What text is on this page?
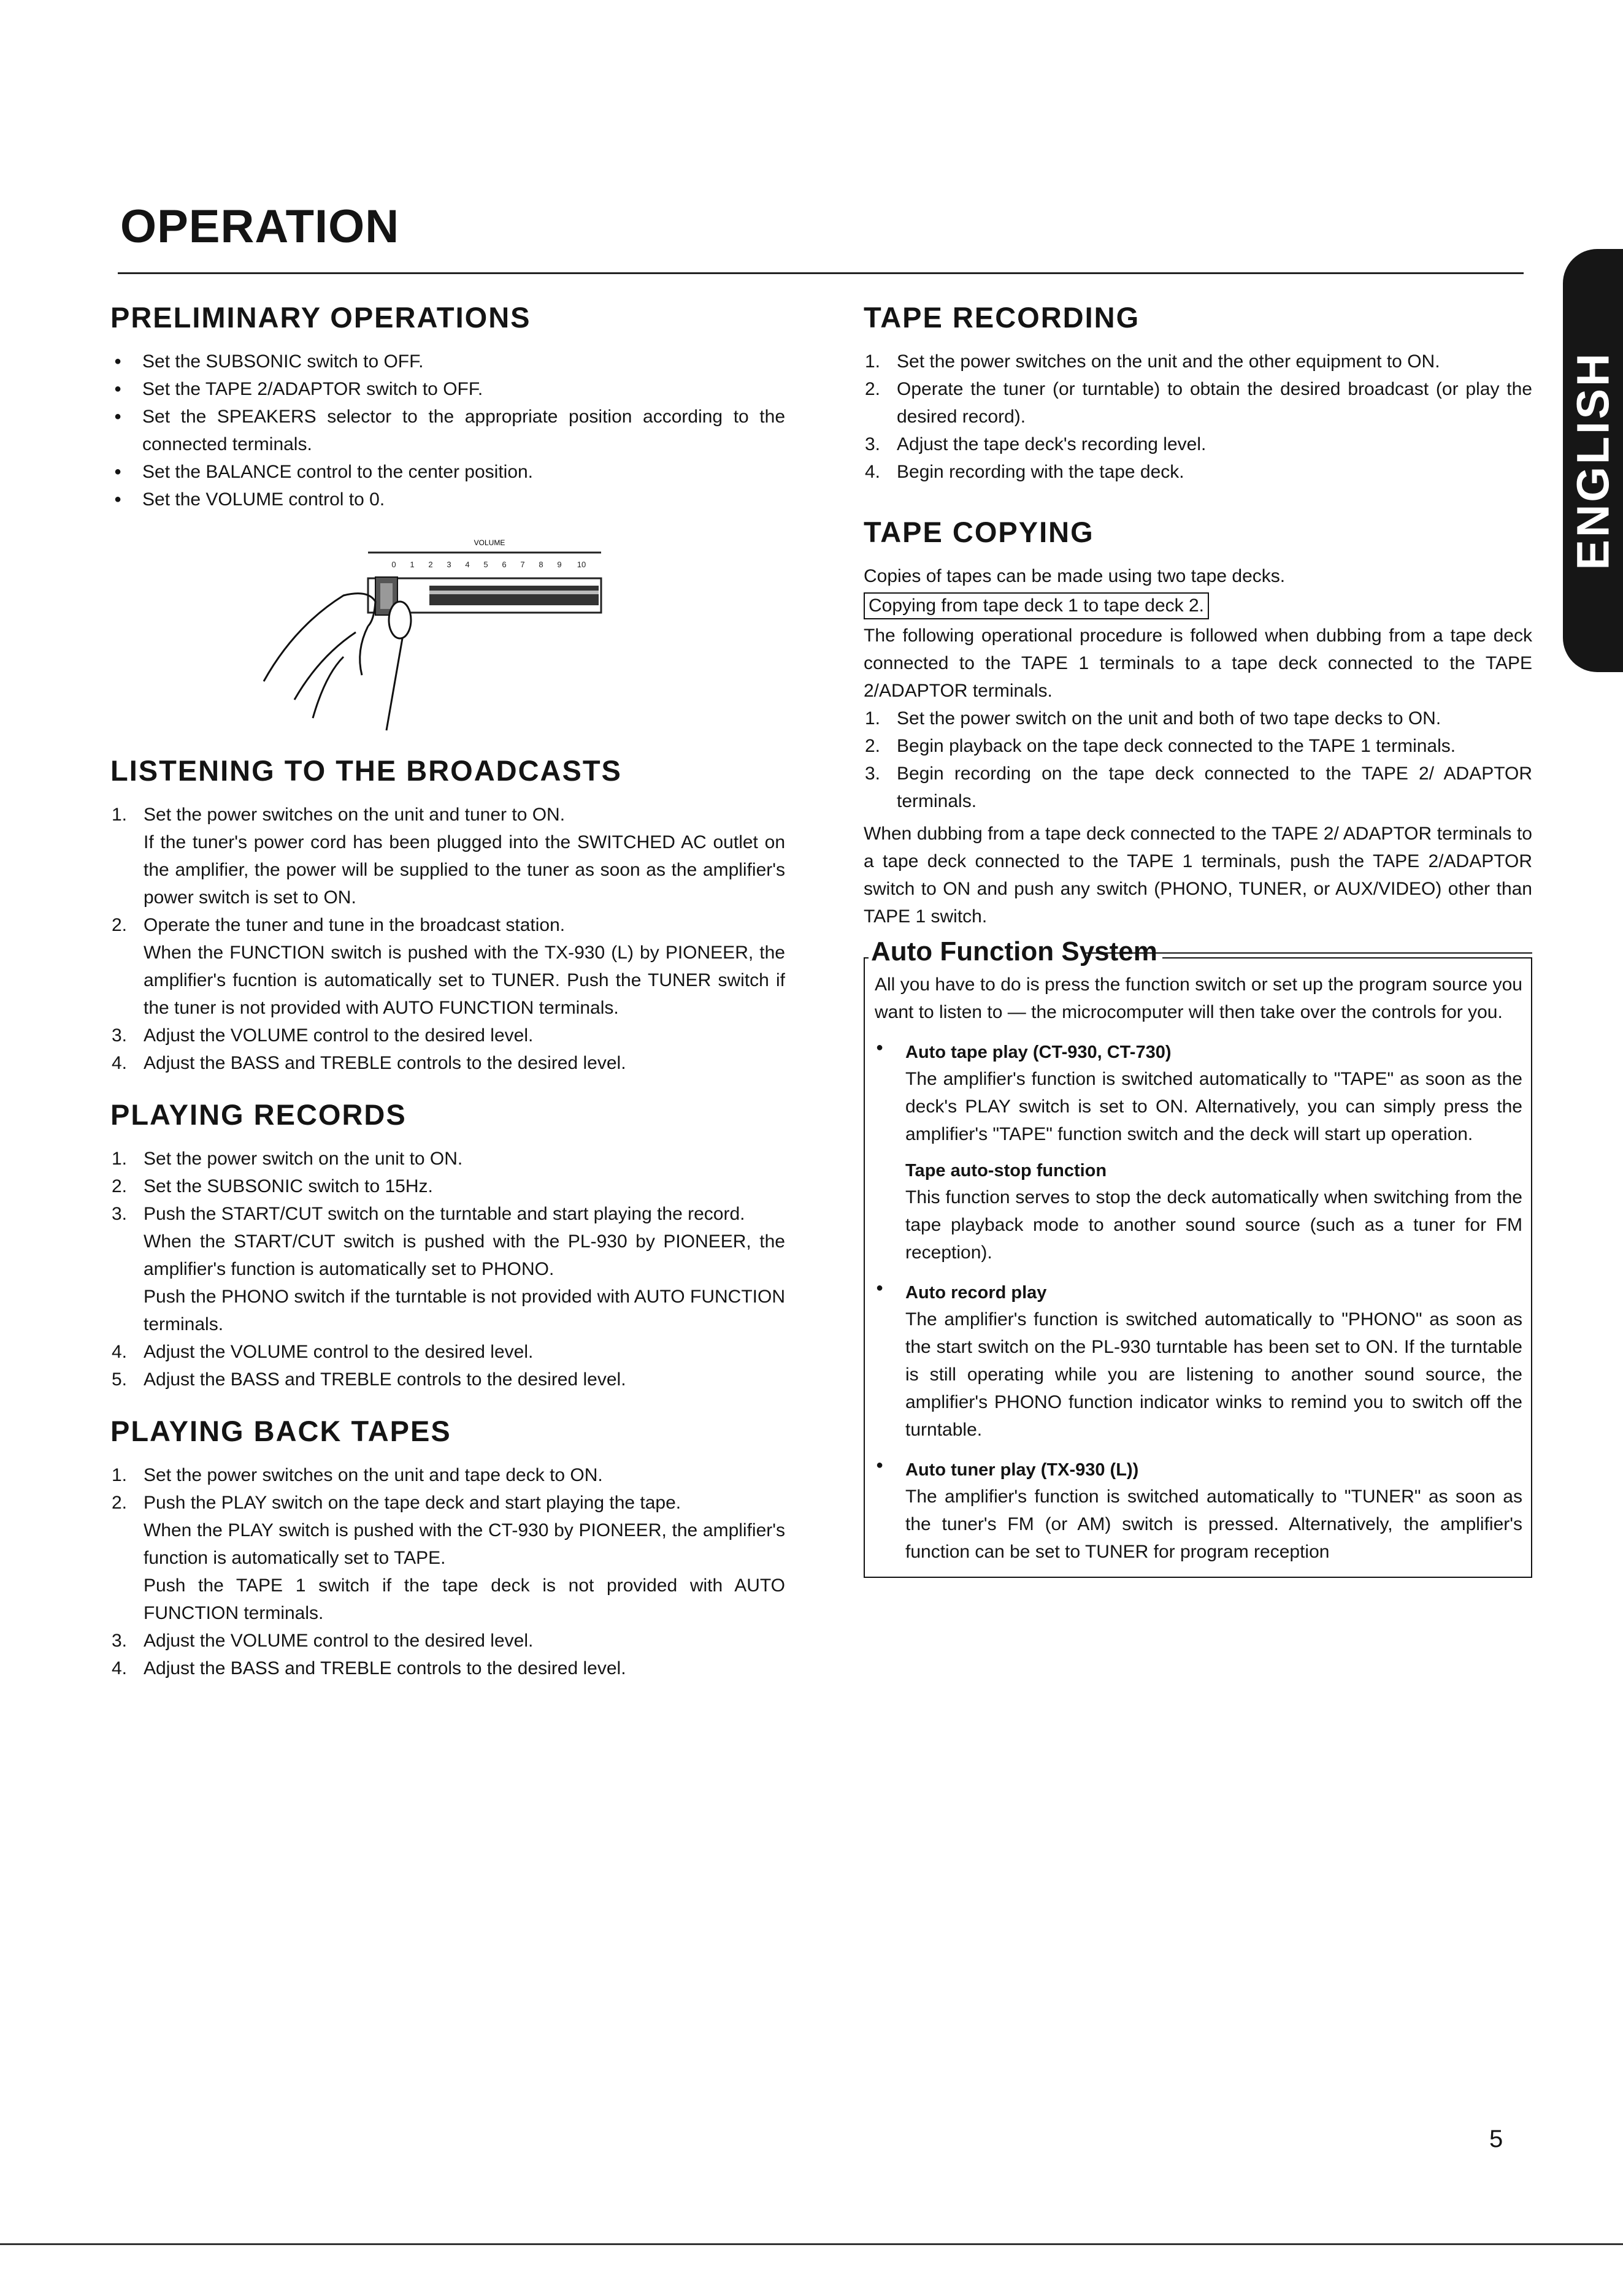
OPERATION
ENGLISH
PRELIMINARY OPERATIONS
● Set the SUBSONIC switch to OFF.
● Set the TAPE 2/ADAPTOR switch to OFF.
● Set the SPEAKERS selector to the appropriate position according to the connected terminals.
● Set the BALANCE control to the center position.
● Set the VOLUME control to 0.
VOLUME
0 1 2 3 4 5 6 7 8 9 10
LISTENING TO THE BROADCASTS
1. Set the power switches on the unit and tuner to ON.
If the tuner's power cord has been plugged into the SWITCHED AC outlet on the amplifier, the power will be supplied to the tuner as soon as the amplifier's power switch is set to ON.
2. Operate the tuner and tune in the broadcast station.
When the FUNCTION switch is pushed with the TX-930 (L) by PIONEER, the amplifier's fucntion is automatically set to TUNER. Push the TUNER switch if the tuner is not provided with AUTO FUNCTION terminals.
3. Adjust the VOLUME control to the desired level.
4. Adjust the BASS and TREBLE controls to the desired level.
PLAYING RECORDS
1. Set the power switch on the unit to ON.
2. Set the SUBSONIC switch to 15Hz.
3. Push the START/CUT switch on the turntable and start playing the record.
When the START/CUT switch is pushed with the PL-930 by PIONEER, the amplifier's function is automatically set to PHONO.
Push the PHONO switch if the turntable is not provided with AUTO FUNCTION terminals.
4. Adjust the VOLUME control to the desired level.
5. Adjust the BASS and TREBLE controls to the desired level.
PLAYING BACK TAPES
1. Set the power switches on the unit and tape deck to ON.
2. Push the PLAY switch on the tape deck and start playing the tape.
When the PLAY switch is pushed with the CT-930 by PIONEER, the amplifier's function is automatically set to TAPE.
Push the TAPE 1 switch if the tape deck is not provided with AUTO FUNCTION terminals.
3. Adjust the VOLUME control to the desired level.
4. Adjust the BASS and TREBLE controls to the desired level.
TAPE RECORDING
1. Set the power switches on the unit and the other equipment to ON.
2. Operate the tuner (or turntable) to obtain the desired broadcast (or play the desired record).
3. Adjust the tape deck's recording level.
4. Begin recording with the tape deck.
TAPE COPYING

Copies of tapes can be made using two tape decks.

Copying from tape deck 1 to tape deck 2.

The following operational procedure is followed when dubbing from a tape deck connected to the TAPE 1 terminals to a tape deck connected to the TAPE 2/ADAPTOR terminals.

1. Set the power switch on the unit and both of two tape decks to ON.
2. Begin playback on the tape deck connected to the TAPE 1 terminals.
3. Begin recording on the tape deck connected to the TAPE 2/ ADAPTOR terminals.

When dubbing from a tape deck connected to the TAPE 2/ ADAPTOR terminals to a tape deck connected to the TAPE 1 terminals, push the TAPE 2/ADAPTOR switch to ON and push any switch (PHONO, TUNER, or AUX/VIDEO) other than TAPE 1 switch.

Auto Function System

All you have to do is press the function switch or set up the program source you want to listen to — the microcomputer will then take over the controls for you.

● Auto tape play (CT-930, CT-730)

The amplifier's function is switched automatically to "TAPE" as soon as the deck's PLAY switch is set to ON. Alternatively, you can simply press the amplifier's "TAPE" function switch and the deck will start up operation.

Tape auto-stop function

This function serves to stop the deck automatically when switching from the tape playback mode to another sound source (such as a tuner for FM reception).

● Auto record play

The amplifier's function is switched automatically to "PHONO" as soon as the start switch on the PL-930 turntable has been set to ON. If the turntable is still operating while you are listening to another sound source, the amplifier's PHONO function indicator winks to remind you to switch off the turntable.

● Auto tuner play (TX-930 (L))

The amplifier's function is switched automatically to "TUNER" as soon as the tuner's FM (or AM) switch is pressed. Alternatively, the amplifier's function can be set to TUNER for program reception

5
